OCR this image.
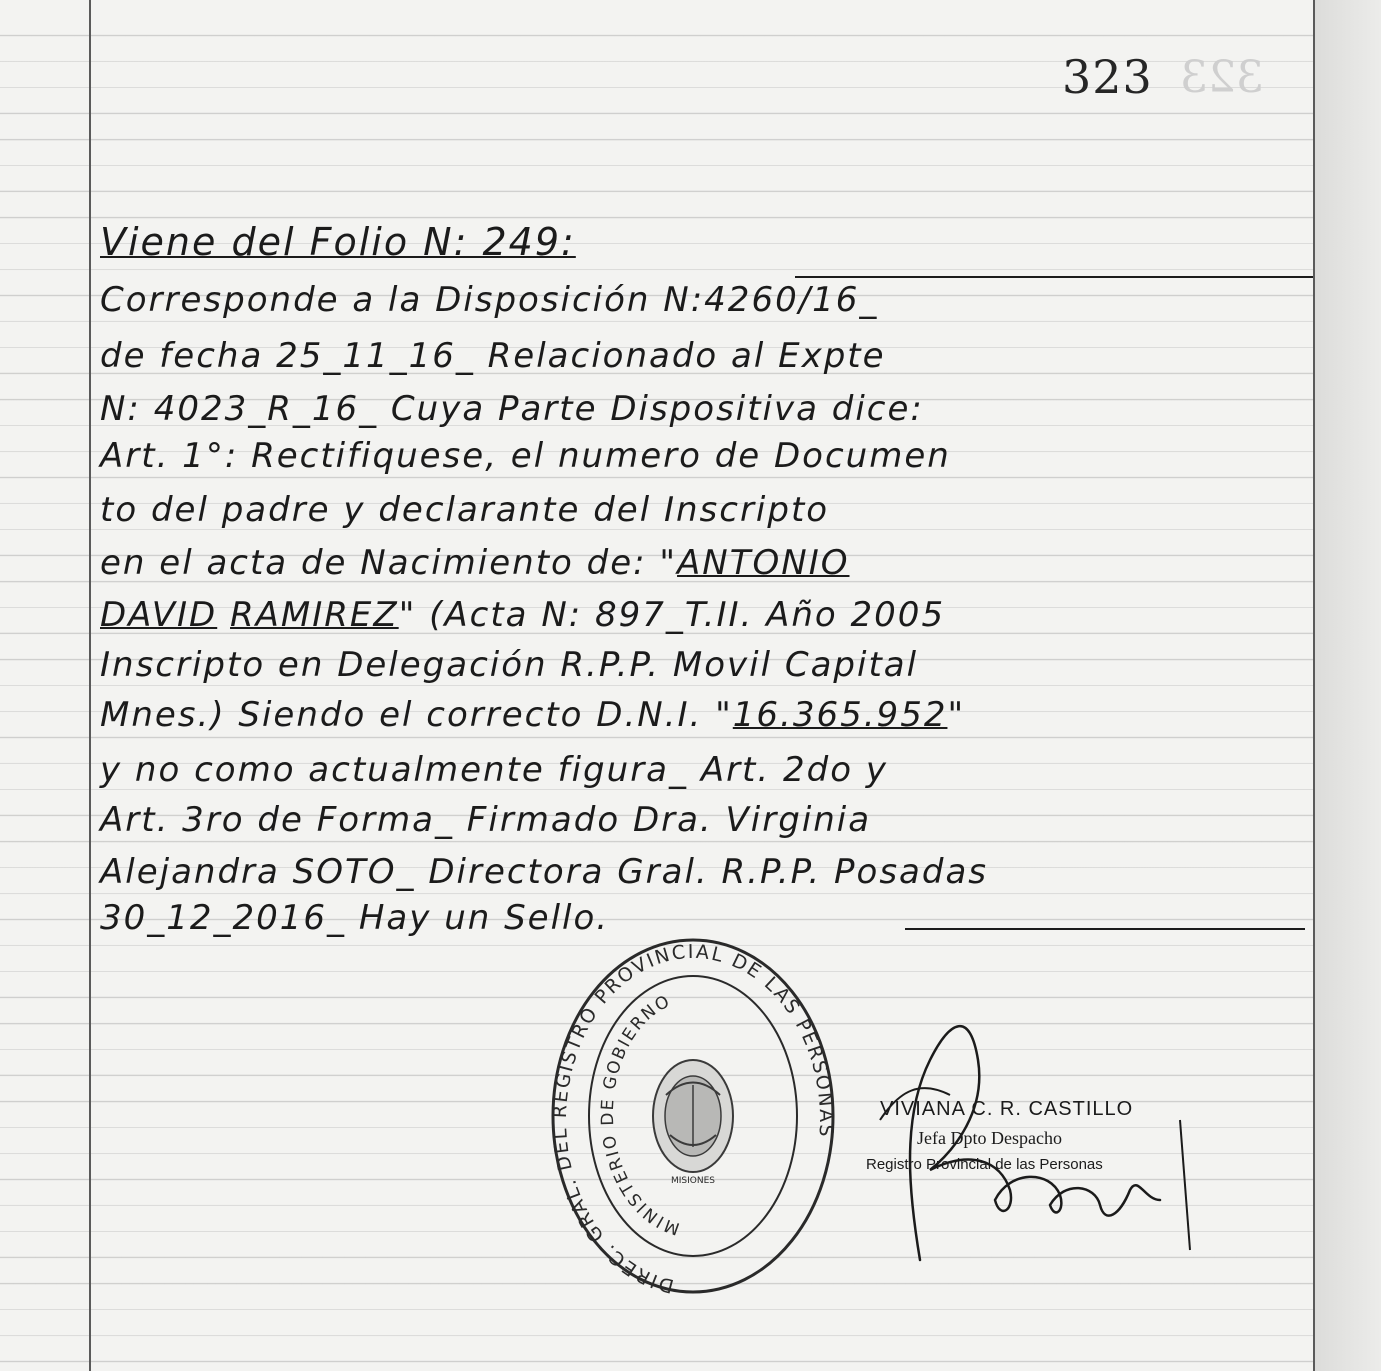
323 323
Viene del Folio N: 249:
Corresponde a la Disposición N:4260/16_
de fecha 25_11_16_ Relacionado al Expte
N: 4023_R_16_ Cuya Parte Dispositiva dice:
Art. 1°: Rectifiquese, el numero de Documen
to del padre y declarante del Inscripto
en el acta de Nacimiento de: "ANTONIO
DAVID RAMIREZ" (Acta N: 897_T.II. Año 2005
Inscripto en Delegación R.P.P. Movil Capital
Mnes.) Siendo el correcto D.N.I. "16.365.952"
y no como actualmente figura_ Art. 2do y
Art. 3ro de Forma_ Firmado Dra. Virginia
Alejandra SOTO_ Directora Gral. R.P.P. Posadas
30_12_2016_ Hay un Sello.
DIREC. GRAL. DEL REGISTRO PROVINCIAL DE LAS PERSONAS
MINISTERIO DE GOBIERNO
MISIONES
VIVIANA C. R. CASTILLO
Jefa Dpto Despacho
Registro Provincial de las Personas
